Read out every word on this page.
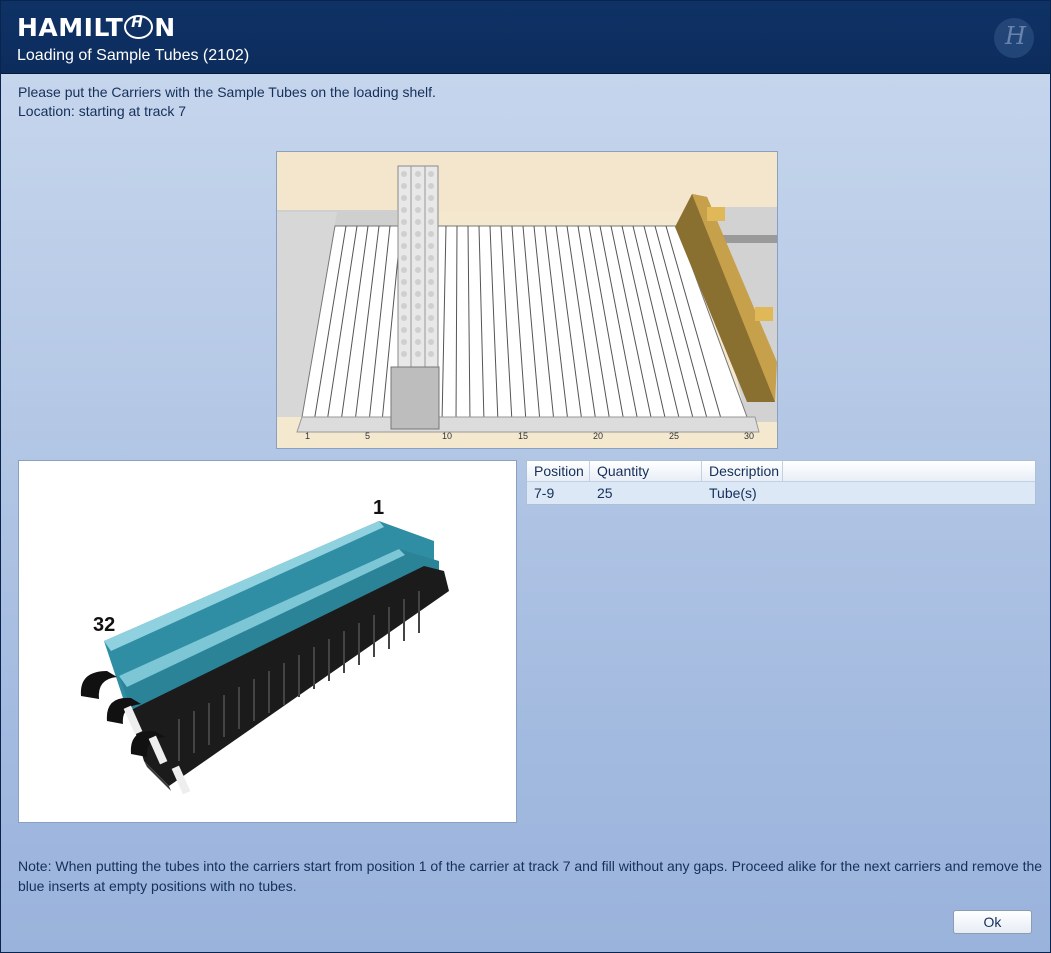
HAMILT H N
Loading of Sample Tubes (2102)
H
Please put the Carriers with the Sample Tubes on the loading shelf.
Location: starting at track 7
1	5	10	15	20	25	30
1
32
Position Quantity	Description
7-9	25	Tube(s)
Note: When putting the tubes into the carriers start from position 1 of the carrier at track 7 and fill without any gaps. Proceed alike for the next carriers and remove the blue inserts at empty positions with no tubes.
Ok
